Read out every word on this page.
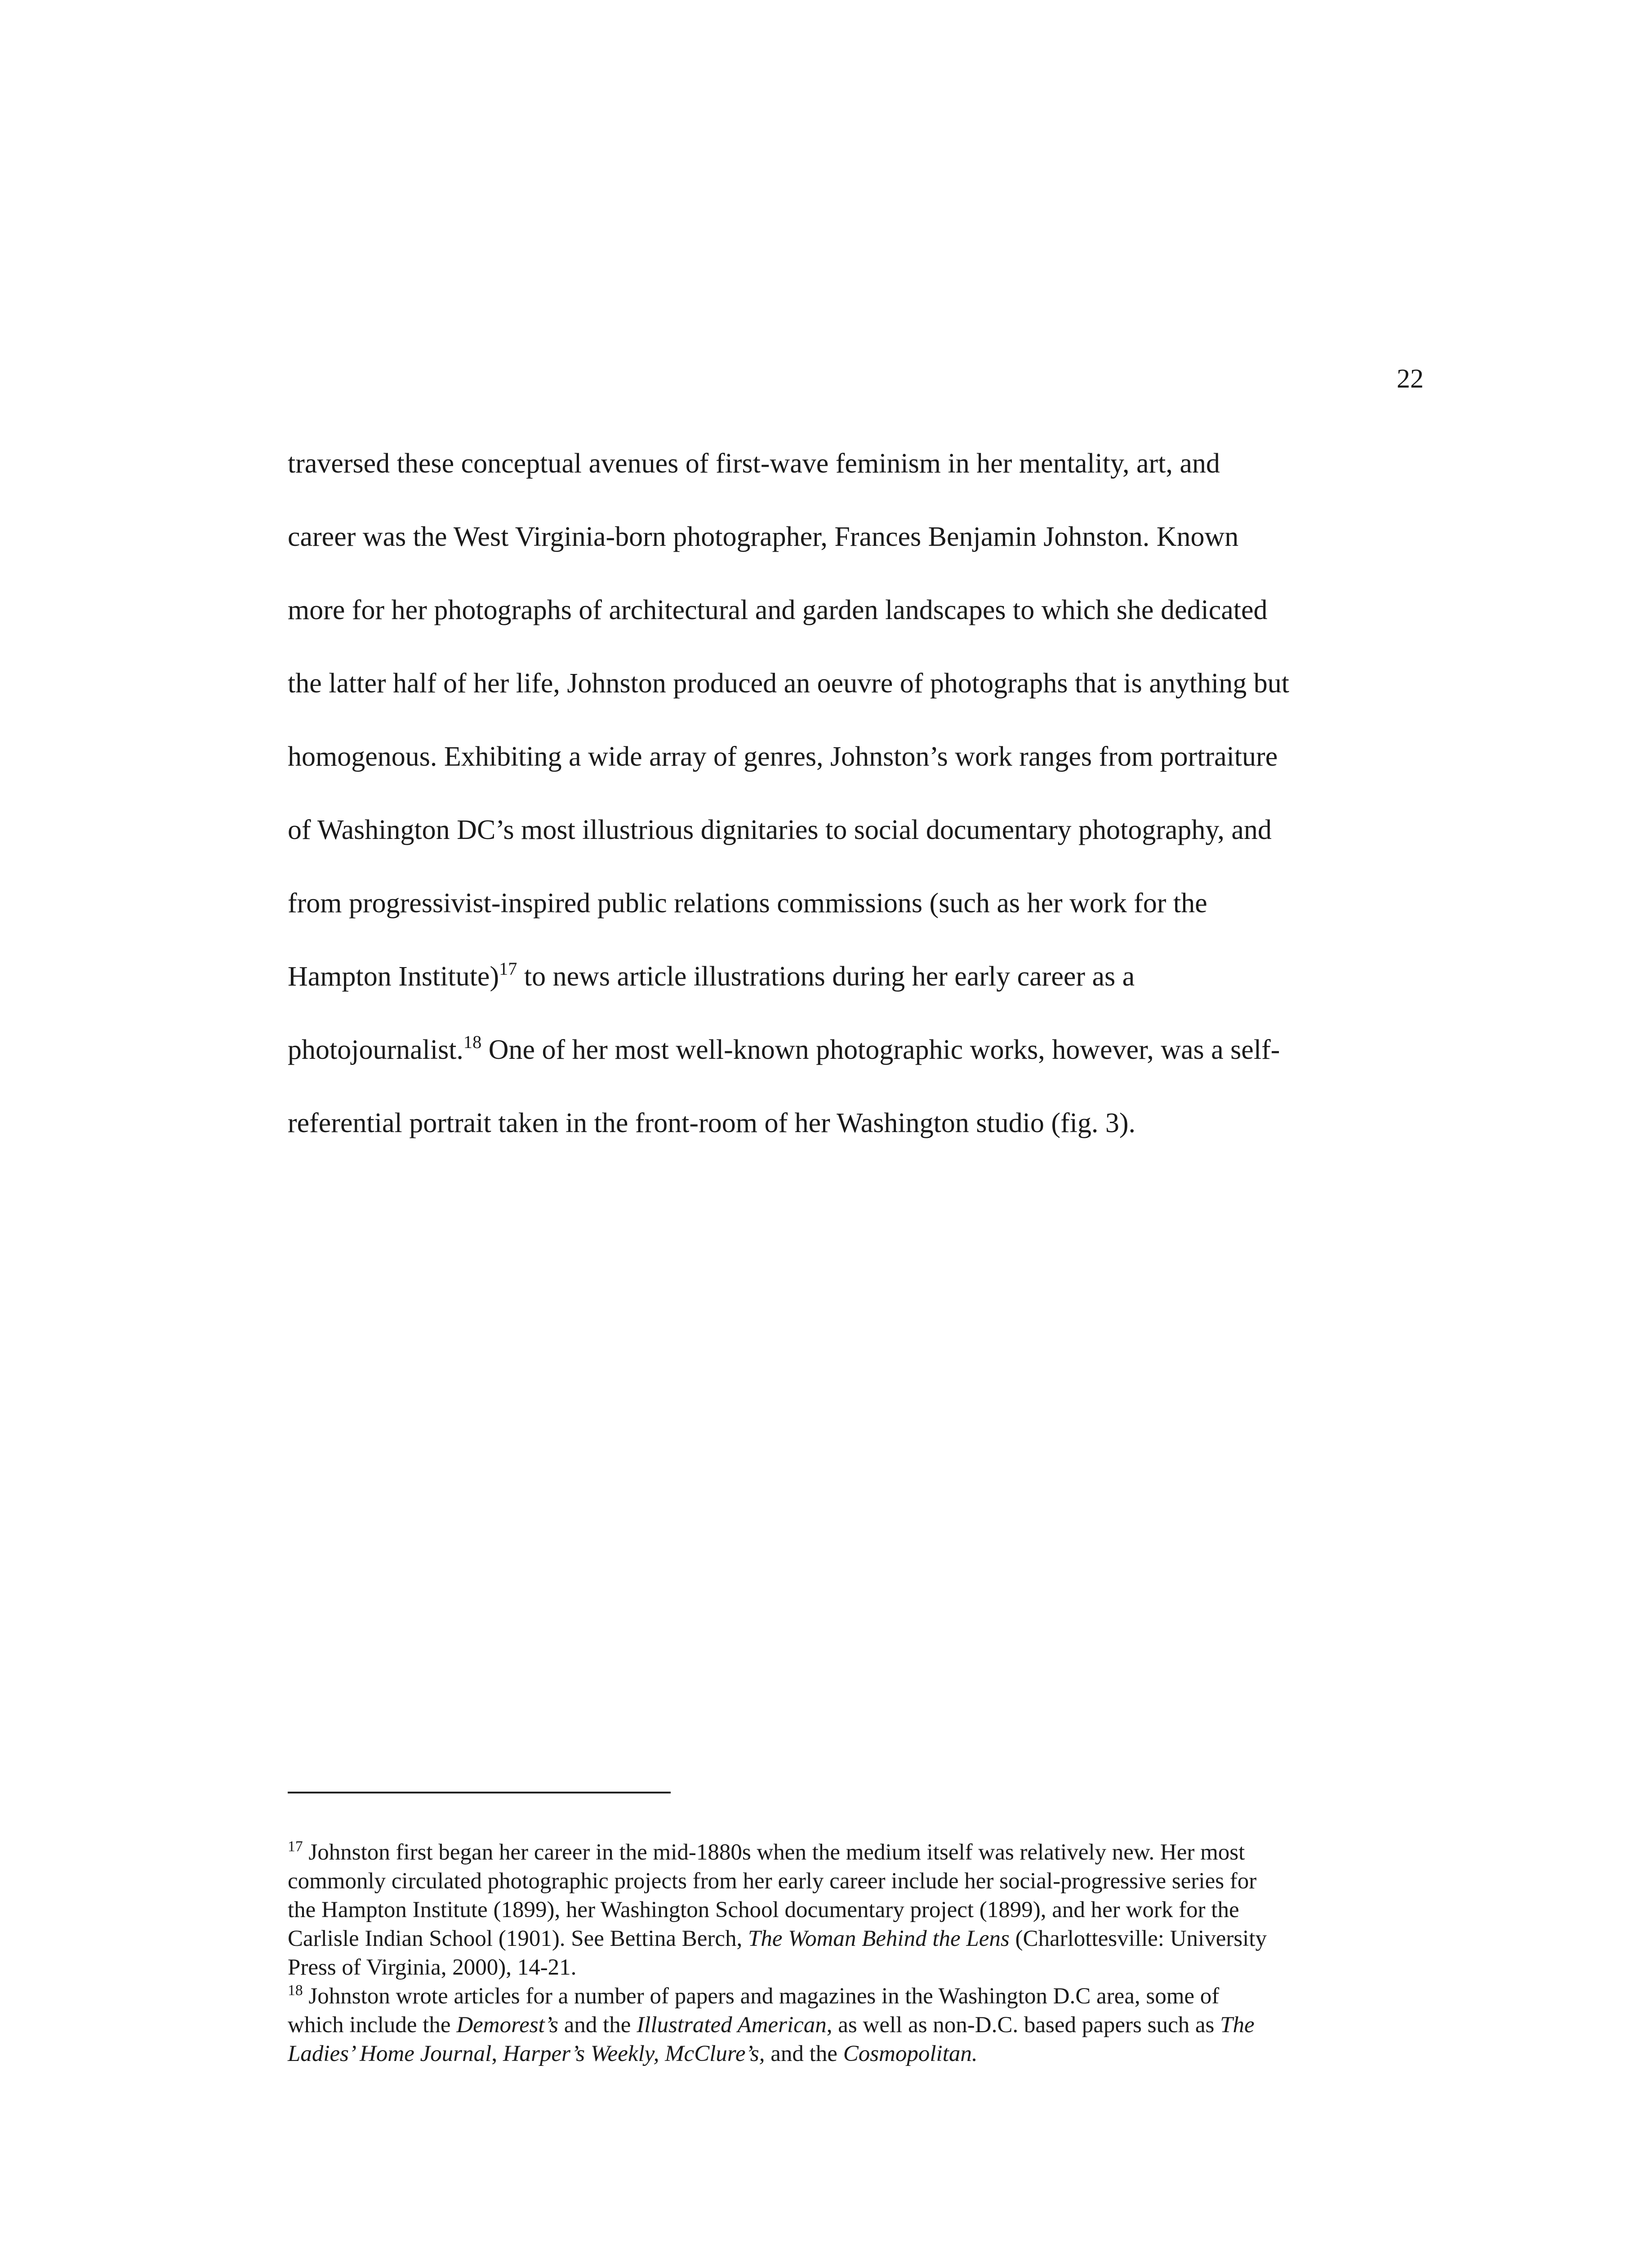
22
traversed these conceptual avenues of first-wave feminism in her mentality, art, and
career was the West Virginia-born photographer, Frances Benjamin Johnston. Known
more for her photographs of architectural and garden landscapes to which she dedicated
the latter half of her life, Johnston produced an oeuvre of photographs that is anything but
homogenous. Exhibiting a wide array of genres, Johnston’s work ranges from portraiture
of Washington DC’s most illustrious dignitaries to social documentary photography, and
from progressivist-inspired public relations commissions (such as her work for the
Hampton Institute)$^{17}$ to news article illustrations during her early career as a
photojournalist.$^{18}$ One of her most well-known photographic works, however, was a self-
referential portrait taken in the front-room of her Washington studio (fig. 3).
$^{17}$ Johnston first began her career in the mid-1880s when the medium itself was relatively new. Her most
commonly circulated photographic projects from her early career include her social-progressive series for
the Hampton Institute (1899), her Washington School documentary project (1899), and her work for the
Carlisle Indian School (1901). See Bettina Berch, The Woman Behind the Lens (Charlottesville: University
Press of Virginia, 2000), 14-21.
$^{18}$ Johnston wrote articles for a number of papers and magazines in the Washington D.C area, some of
which include the Demorest’s and the Illustrated American, as well as non-D.C. based papers such as The
Ladies’ Home Journal, Harper’s Weekly, McClure’s, and the Cosmopolitan.
